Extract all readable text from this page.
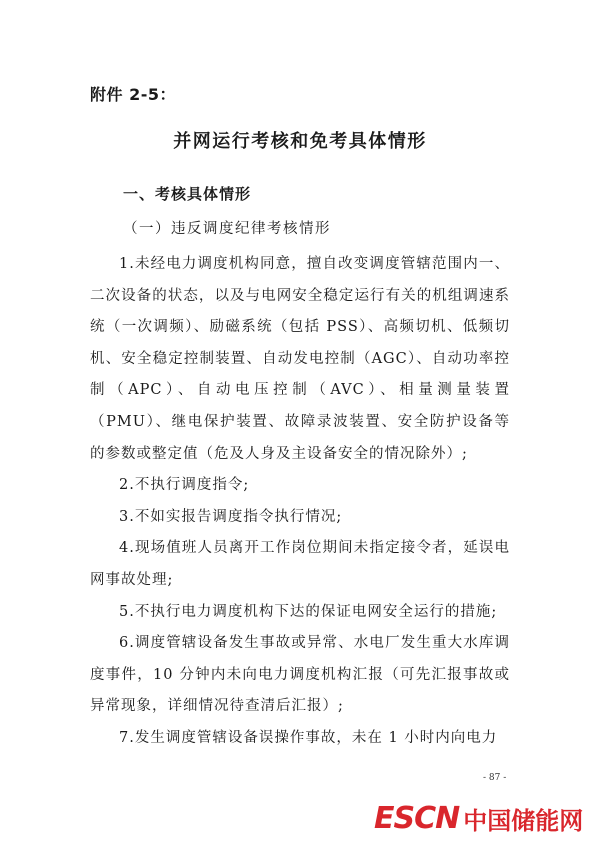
附件 2-5：
并网运行考核和免考具体情形
一、考核具体情形
（一）违反调度纪律考核情形

1.未经电力调度机构同意，擅自改变调度管辖范围内一、二次设备的状态，以及与电网安全稳定运行有关的机组调速系统（一次调频）、励磁系统（包括 PSS）、高频切机、低频切机、安全稳定控制装置、自动发电控制（AGC）、自动功率控制（APC）、自动电压控制（AVC）、相量测量装置（PMU）、继电保护装置、故障录波装置、安全防护设备等的参数或整定值（危及人身及主设备安全的情况除外）;

2.不执行调度指令;

3.不如实报告调度指令执行情况;

4.现场值班人员离开工作岗位期间未指定接令者，延误电网事故处理;

5.不执行电力调度机构下达的保证电网安全运行的措施;

6.调度管辖设备发生事故或异常、水电厂发生重大水库调度事件，10 分钟内未向电力调度机构汇报（可先汇报事故或异常现象，详细情况待查清后汇报）;

7.发生调度管辖设备误操作事故，未在 1 小时内向电力

- 87 -
ESCN 中国储能网
